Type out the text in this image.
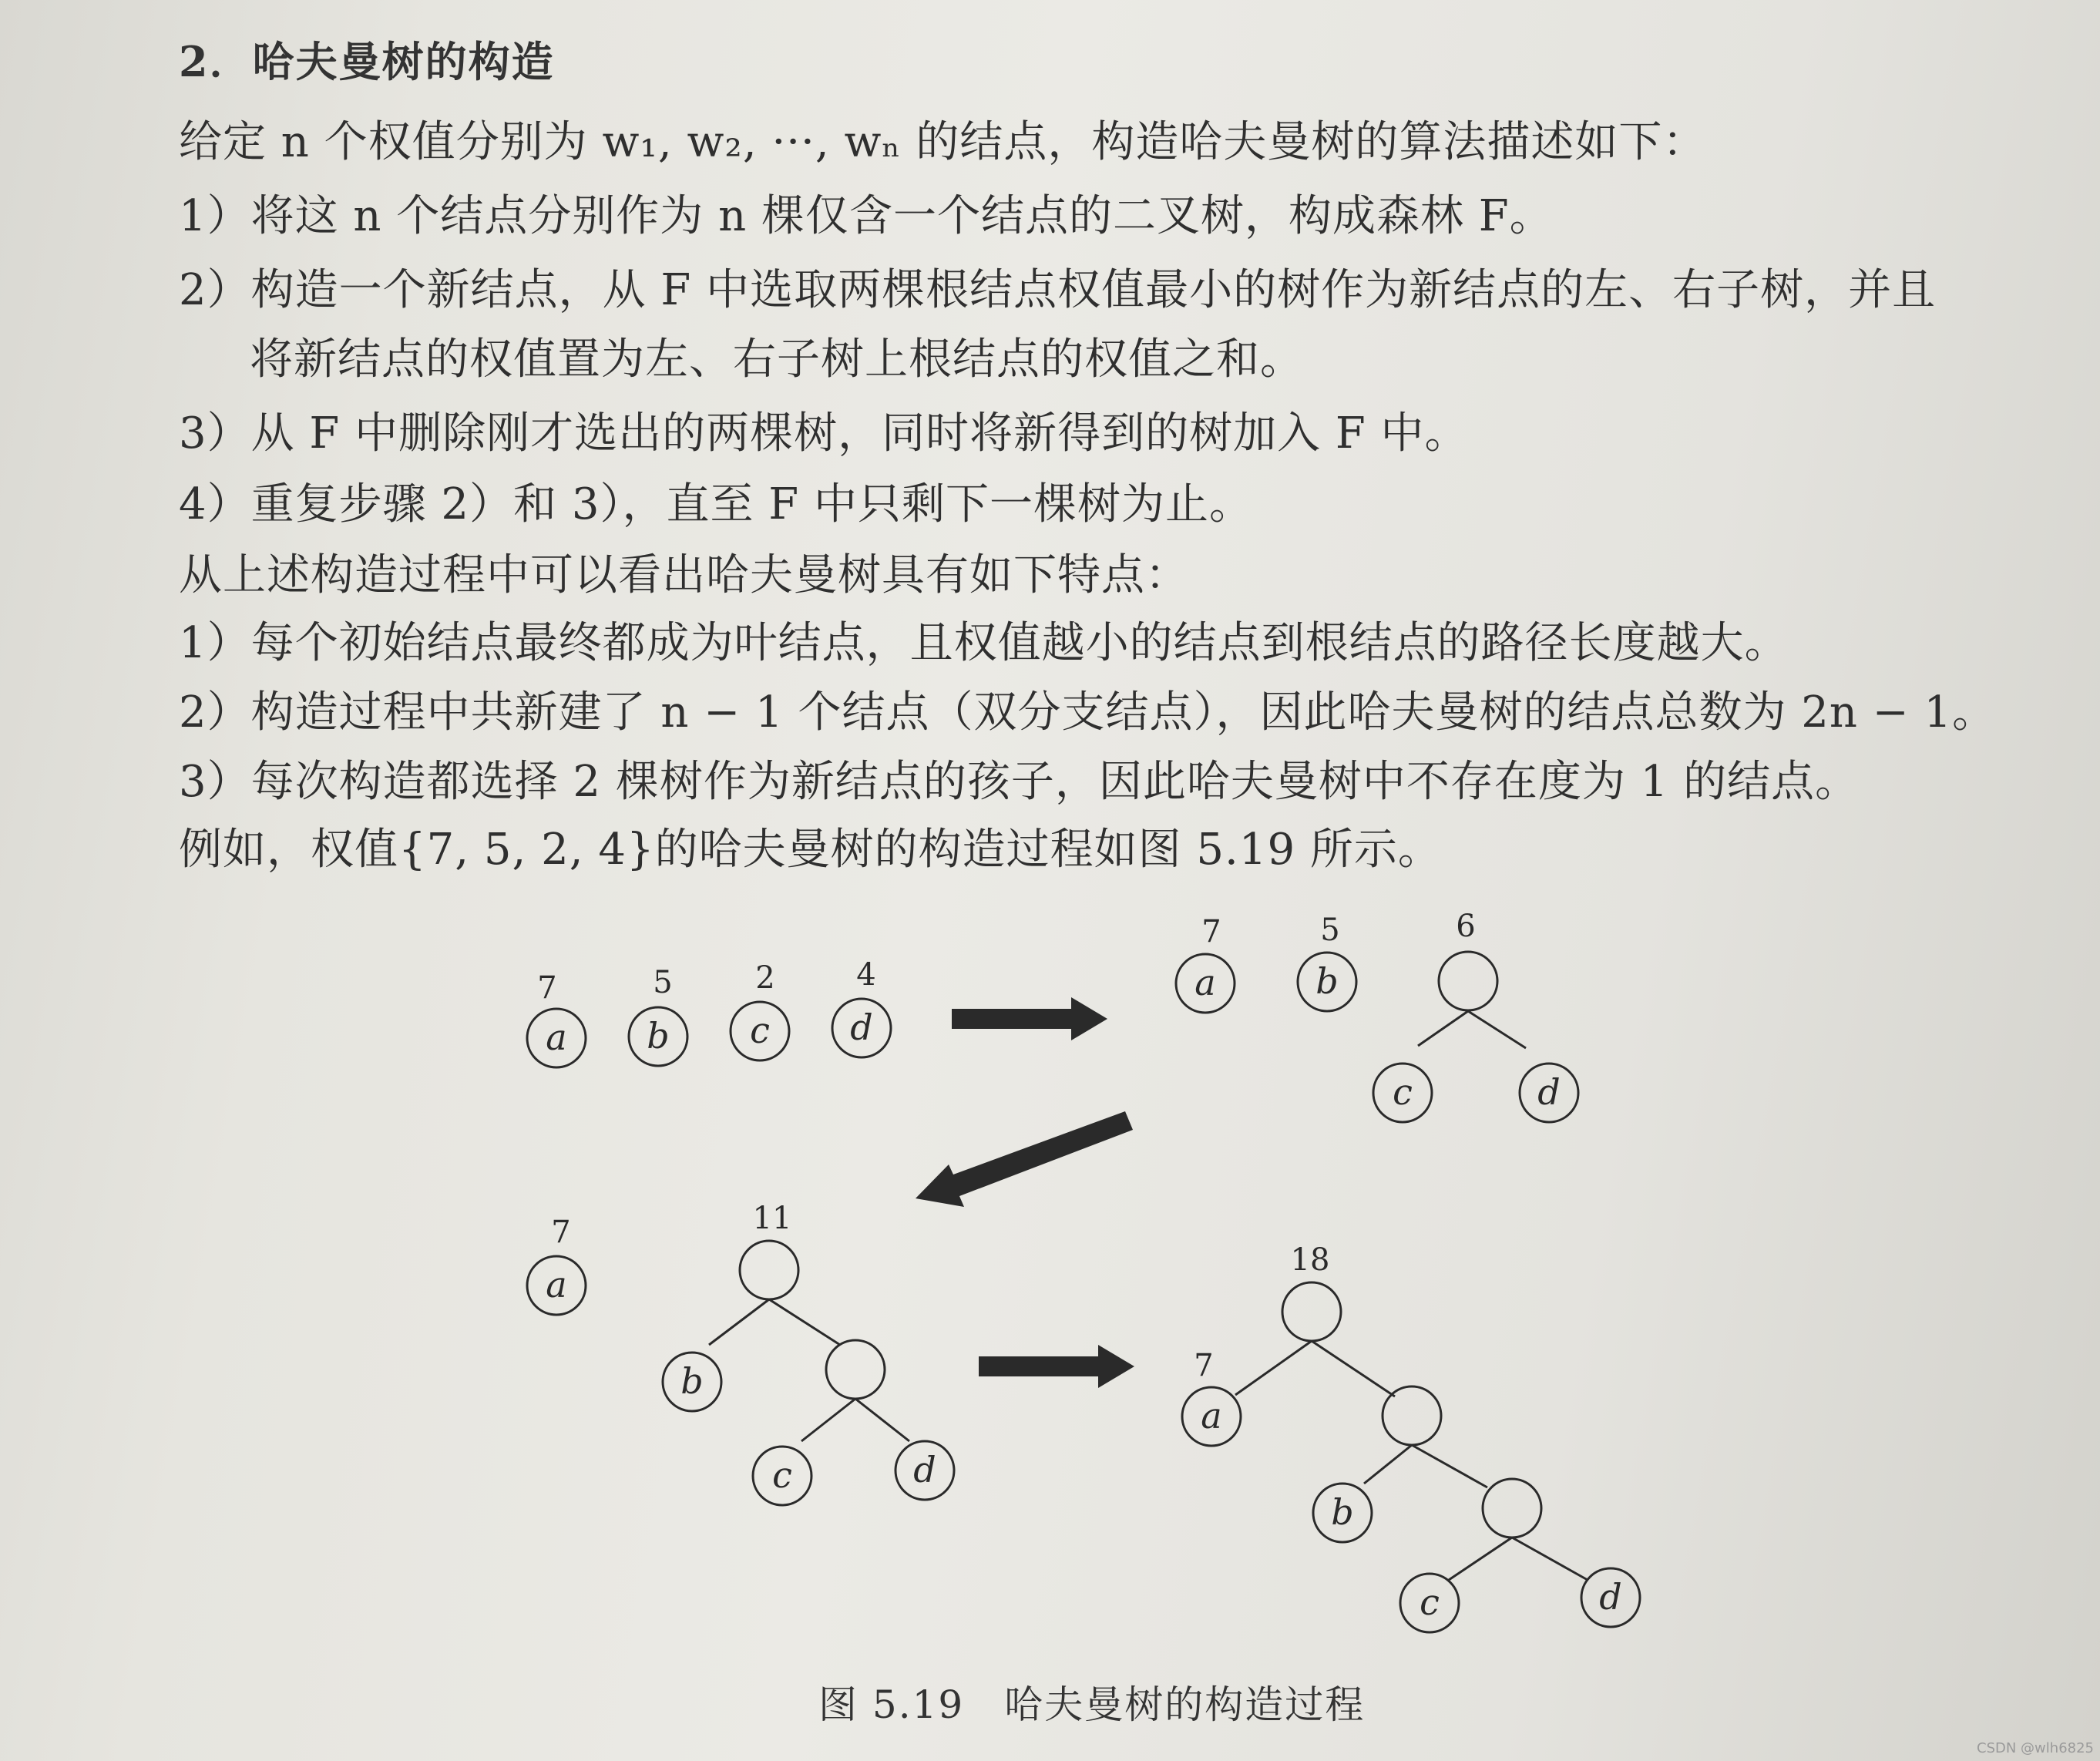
2．哈夫曼树的构造
给定 n 个权值分别为 w₁, w₂, ···, wₙ 的结点，构造哈夫曼树的算法描述如下：
1）将这 n 个结点分别作为 n 棵仅含一个结点的二叉树，构成森林 F。
2）构造一个新结点，从 F 中选取两棵根结点权值最小的树作为新结点的左、右子树，并且
将新结点的权值置为左、右子树上根结点的权值之和。
3）从 F 中删除刚才选出的两棵树，同时将新得到的树加入 F 中。
4）重复步骤 2）和 3），直至 F 中只剩下一棵树为止。
从上述构造过程中可以看出哈夫曼树具有如下特点：
1）每个初始结点最终都成为叶结点，且权值越小的结点到根结点的路径长度越大。
2）构造过程中共新建了 n − 1 个结点（双分支结点），因此哈夫曼树的结点总数为 2n − 1。
3）每次构造都选择 2 棵树作为新结点的孩子，因此哈夫曼树中不存在度为 1 的结点。
例如，权值{7, 5, 2, 4}的哈夫曼树的构造过程如图 5.19 所示。
7
a
5
b
2
c
4
d
7
a
5
b
6
c	d
7
a
11
b
c	d
18
7
a
b
c	d
图 5.19　哈夫曼树的构造过程
CSDN @wlh6825
